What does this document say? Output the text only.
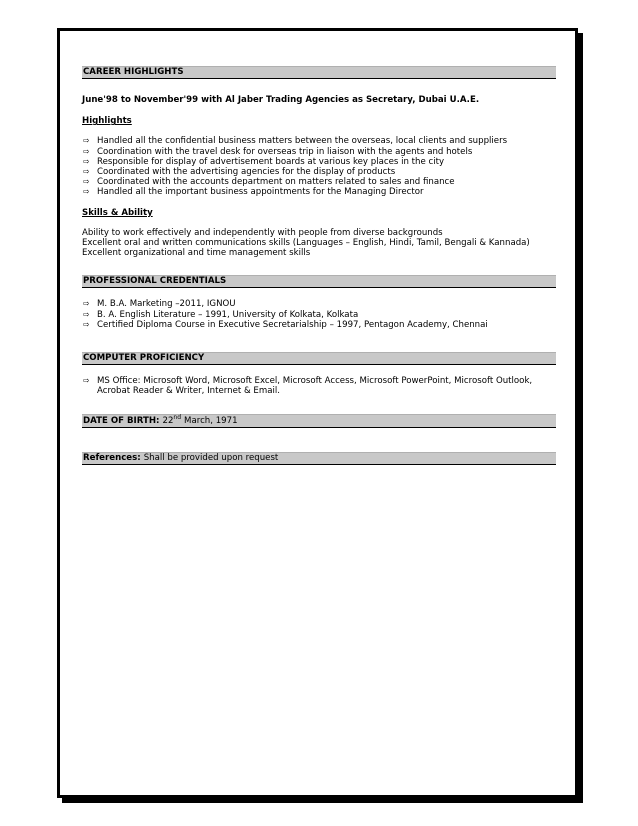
CAREER HIGHLIGHTS
June'98 to November'99 with Al Jaber Trading Agencies as Secretary, Dubai U.A.E.
Highlights
⇨ Handled all the confidential business matters between the overseas, local clients and suppliers
⇨ Coordination with the travel desk for overseas trip in liaison with the agents and hotels
⇨ Responsible for display of advertisement boards at various key places in the city
⇨ Coordinated with the advertising agencies for the display of products
⇨ Coordinated with the accounts department on matters related to sales and finance
⇨ Handled all the important business appointments for the Managing Director
Skills & Ability
Ability to work effectively and independently with people from diverse backgrounds
Excellent oral and written communications skills (Languages – English, Hindi, Tamil, Bengali & Kannada)
Excellent organizational and time management skills
PROFESSIONAL CREDENTIALS
⇨ M. B.A. Marketing –2011, IGNOU
⇨ B. A. English Literature – 1991, University of Kolkata, Kolkata
⇨ Certified Diploma Course in Executive Secretarialship – 1997, Pentagon Academy, Chennai
COMPUTER PROFICIENCY
⇨ MS Office: Microsoft Word, Microsoft Excel, Microsoft Access, Microsoft PowerPoint, Microsoft Outlook,
Acrobat Reader & Writer, Internet & Email.
DATE OF BIRTH: 22nd March, 1971
References: Shall be provided upon request
